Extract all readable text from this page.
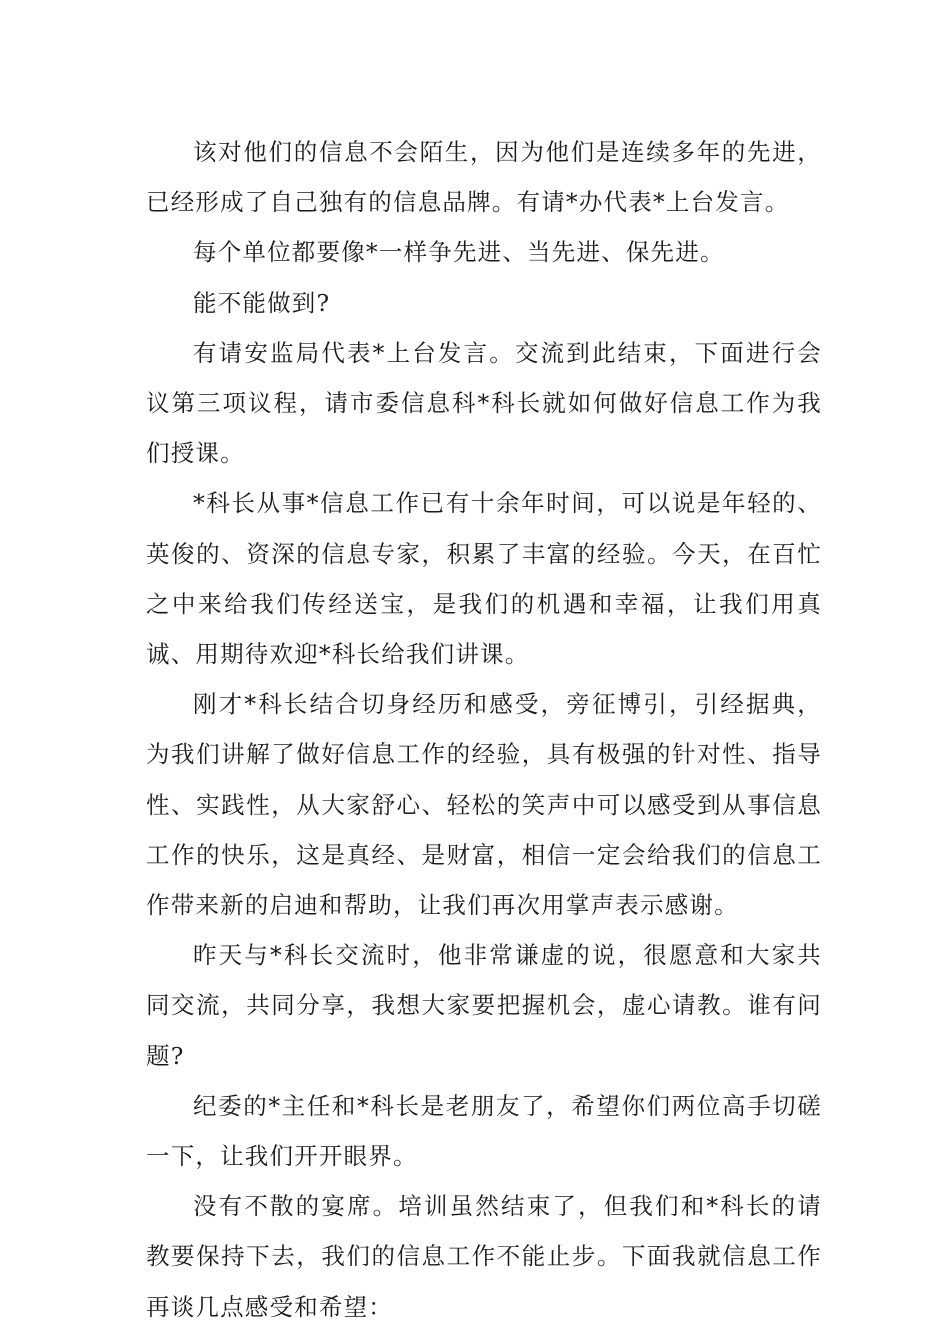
该对他们的信息不会陌生，因为他们是连续多年的先进，已经形成了自己独有的信息品牌。有请*办代表*上台发言。

每个单位都要像*一样争先进、当先进、保先进。

能不能做到?

有请安监局代表*上台发言。交流到此结束，下面进行会议第三项议程，请市委信息科*科长就如何做好信息工作为我们授课。

*科长从事*信息工作已有十余年时间，可以说是年轻的、英俊的、资深的信息专家，积累了丰富的经验。今天，在百忙之中来给我们传经送宝，是我们的机遇和幸福，让我们用真诚、用期待欢迎*科长给我们讲课。

刚才*科长结合切身经历和感受，旁征博引，引经据典，为我们讲解了做好信息工作的经验，具有极强的针对性、指导性、实践性，从大家舒心、轻松的笑声中可以感受到从事信息工作的快乐，这是真经、是财富，相信一定会给我们的信息工作带来新的启迪和帮助，让我们再次用掌声表示感谢。

昨天与*科长交流时，他非常谦虚的说，很愿意和大家共同交流，共同分享，我想大家要把握机会，虚心请教。谁有问题?

纪委的*主任和*科长是老朋友了，希望你们两位高手切磋一下，让我们开开眼界。

没有不散的宴席。培训虽然结束了，但我们和*科长的请教要保持下去，我们的信息工作不能止步。下面我就信息工作再谈几点感受和希望：
